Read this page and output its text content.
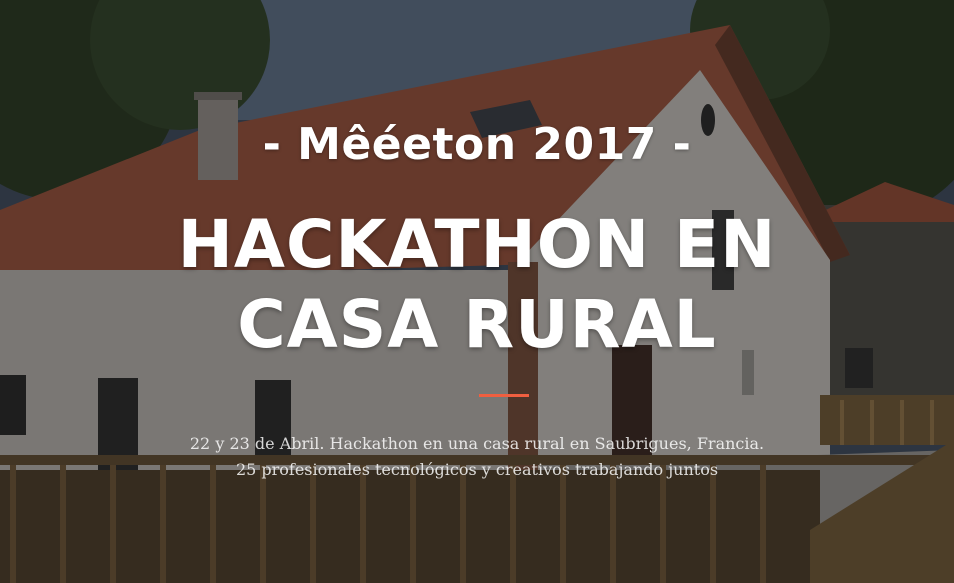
- Mêéeton 2017 -
HACKATHON EN
CASA RURAL

22 y 23 de Abril. Hackathon en una casa rural en Saubrigues, Francia.
25 profesionales tecnológicos y creativos trabajando juntos
